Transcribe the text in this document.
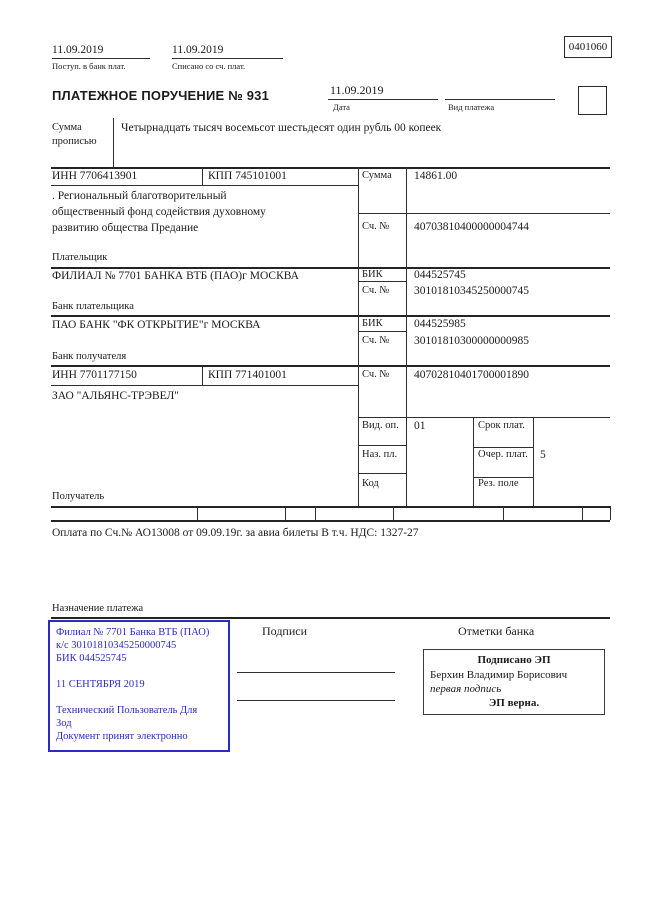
11.09.2019	11.09.2019
Поступ. в банк плат.	Списано со сч. плат.
0401060
ПЛАТЕЖНОЕ ПОРУЧЕНИЕ № 931	11.09.2019
Дата	Вид платежа
Сумма
прописью
Четырнадцать тысяч восемьсот шестьдесят один рубль 00 копеек
ИНН 7706413901	КПП 745101001	Сумма 14861.00
. Региональный благотворительный
общественный фонд содействия духовному
развитию общества Предание	Сч. № 40703810400000004744
Плательщик
ФИЛИАЛ № 7701 БАНКА ВТБ (ПАО)г МОСКВА	БИК	044525745
Сч. № 30101810345250000745
Банк плательщика
ПАО БАНК "ФК ОТКРЫТИЕ"г МОСКВА	БИК	044525985
Сч. № 30101810300000000985
Банк получателя
ИНН 7701177150	КПП 771401001	Сч. № 40702810401700001890
ЗАО "АЛЬЯНС-ТРЭВЕЛ"
Вид. оп. 01	Срок плат.
Наз. пл.	Очер. плат. 5
Код	Рез. поле
Получатель
Оплата по Сч.№ АО13008 от 09.09.19г. за авиа билеты В т.ч. НДС: 1327-27
Назначение платежа
Филиал № 7701 Банка ВТБ (ПАО)
к/с 30101810345250000745
БИК 044525745
11 СЕНТЯБРЯ 2019
Технический Пользователь Для
Зод
Документ принят электронно
Подписи	Отметки банка
Подписано ЭП
Берхин Владимир Борисович
первая подпись
ЭП верна.
